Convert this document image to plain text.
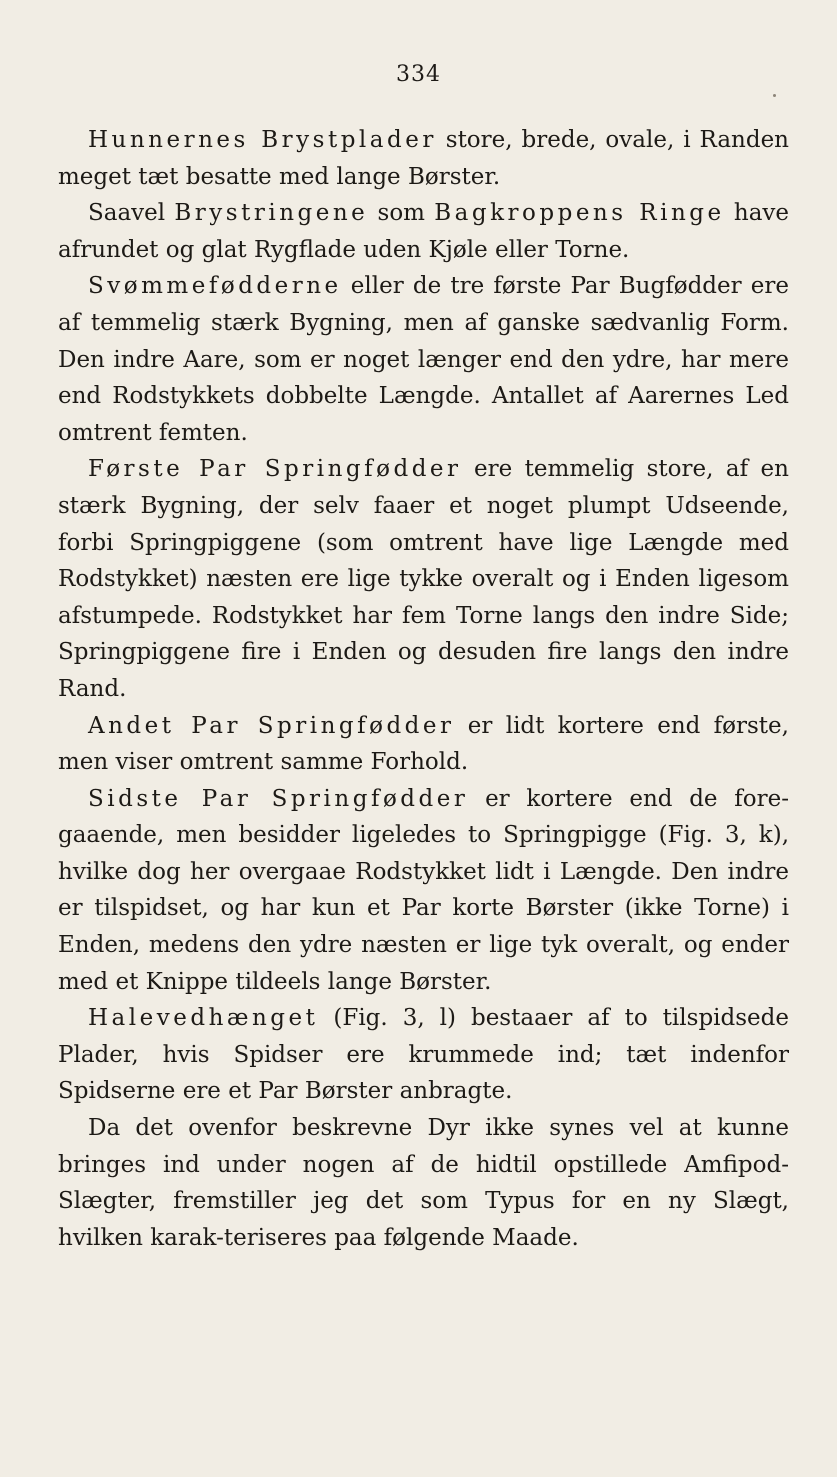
334

Hunnernes Brystplader store, brede, ovale, i Randen meget tæt besatte med lange Børster.

Saavel Brystringene som Bagkroppens Ringe have afrundet og glat Rygflade uden Kjøle eller Torne.

Svømmefødderne eller de tre første Par Bugfødder ere af temmelig stærk Bygning, men af ganske sædvanlig Form. Den indre Aare, som er noget længer end den ydre, har mere end Rodstykkets dobbelte Længde. Antallet af Aarernes Led omtrent femten.

Første Par Springfødder ere temmelig store, af en stærk Bygning, der selv faaer et noget plumpt Udseende, forbi Springpiggene (som omtrent have lige Længde med Rodstykket) næsten ere lige tykke overalt og i Enden ligesom afstumpede. Rodstykket har fem Torne langs den indre Side; Springpiggene fire i Enden og desuden fire langs den indre Rand.

Andet Par Springfødder er lidt kortere end første, men viser omtrent samme Forhold.

Sidste Par Springfødder er kortere end de fore-gaaende, men besidder ligeledes to Springpigge (Fig. 3, k), hvilke dog her overgaae Rodstykket lidt i Længde. Den indre er tilspidset, og har kun et Par korte Børster (ikke Torne) i Enden, medens den ydre næsten er lige tyk overalt, og ender med et Knippe tildeels lange Børster.

Halevedhænget (Fig. 3, l) bestaaer af to tilspidsede Plader, hvis Spidser ere krummede ind; tæt indenfor Spidserne ere et Par Børster anbragte.

Da det ovenfor beskrevne Dyr ikke synes vel at kunne bringes ind under nogen af de hidtil opstillede Amfipod-Slægter, fremstiller jeg det som Typus for en ny Slægt, hvilken karak-teriseres paa følgende Maade.
